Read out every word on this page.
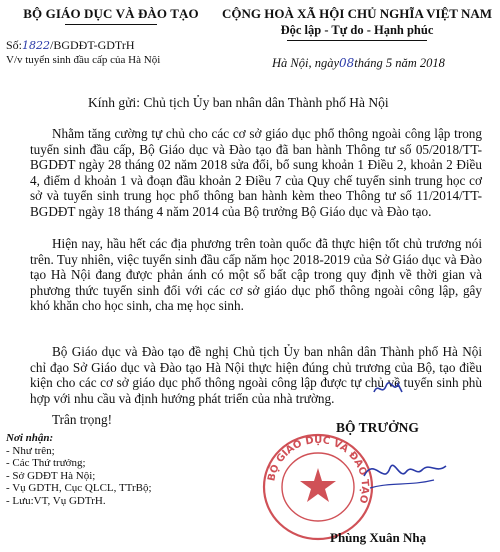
BỘ GIÁO DỤC VÀ ĐÀO TẠO	CỘNG HOÀ XÃ HỘI CHỦ NGHĨA VIỆT NAM
Độc lập - Tự do - Hạnh phúc
Số:1822/BGDĐT-GDTrH
V/v tuyển sinh đầu cấp của Hà Nội	Hà Nội, ngày08tháng 5 năm 2018
Kính gửi: Chủ tịch Ủy ban nhân dân Thành phố Hà Nội
Nhằm tăng cường tự chủ cho các cơ sở giáo dục phổ thông ngoài công lập trong tuyển sinh đầu cấp, Bộ Giáo dục và Đào tạo đã ban hành Thông tư số 05/2018/TT-BGDĐT ngày 28 tháng 02 năm 2018 sửa đổi, bổ sung khoản 1 Điều 2, khoản 2 Điều 4, điểm d khoản 1 và đoạn đầu khoản 2 Điều 7 của Quy chế tuyển sinh trung học cơ sở và tuyển sinh trung học phổ thông ban hành kèm theo Thông tư số 11/2014/TT-BGDĐT ngày 18 tháng 4 năm 2014 của Bộ trưởng Bộ Giáo dục và Đào tạo.
Hiện nay, hầu hết các địa phương trên toàn quốc đã thực hiện tốt chủ trương nói trên. Tuy nhiên, việc tuyển sinh đầu cấp năm học 2018-2019 của Sở Giáo dục và Đào tạo Hà Nội đang được phản ánh có một số bất cập trong quy định về thời gian và phương thức tuyển sinh đối với các cơ sở giáo dục phổ thông ngoài công lập, gây khó khăn cho học sinh, cha mẹ học sinh.
Bộ Giáo dục và Đào tạo đề nghị Chủ tịch Ủy ban nhân dân Thành phố Hà Nội chỉ đạo Sở Giáo dục và Đào tạo Hà Nội thực hiện đúng chủ trương của Bộ, tạo điều kiện cho các cơ sở giáo dục phổ thông ngoài công lập được tự chủ về tuyển sinh phù hợp với nhu cầu và định hướng phát triển của nhà trường.
Trân trọng!
Nơi nhận:
- Như trên;
- Các Thứ trưởng;
- Sở GDĐT Hà Nội;
- Vụ GDTH, Cục QLCL, TTrBộ;
- Lưu:VT, Vụ GDTrH.
BỘ GIÁO DỤC VÀ ĐÀO TẠO
BỘ TRƯỞNG
Phùng Xuân Nhạ
